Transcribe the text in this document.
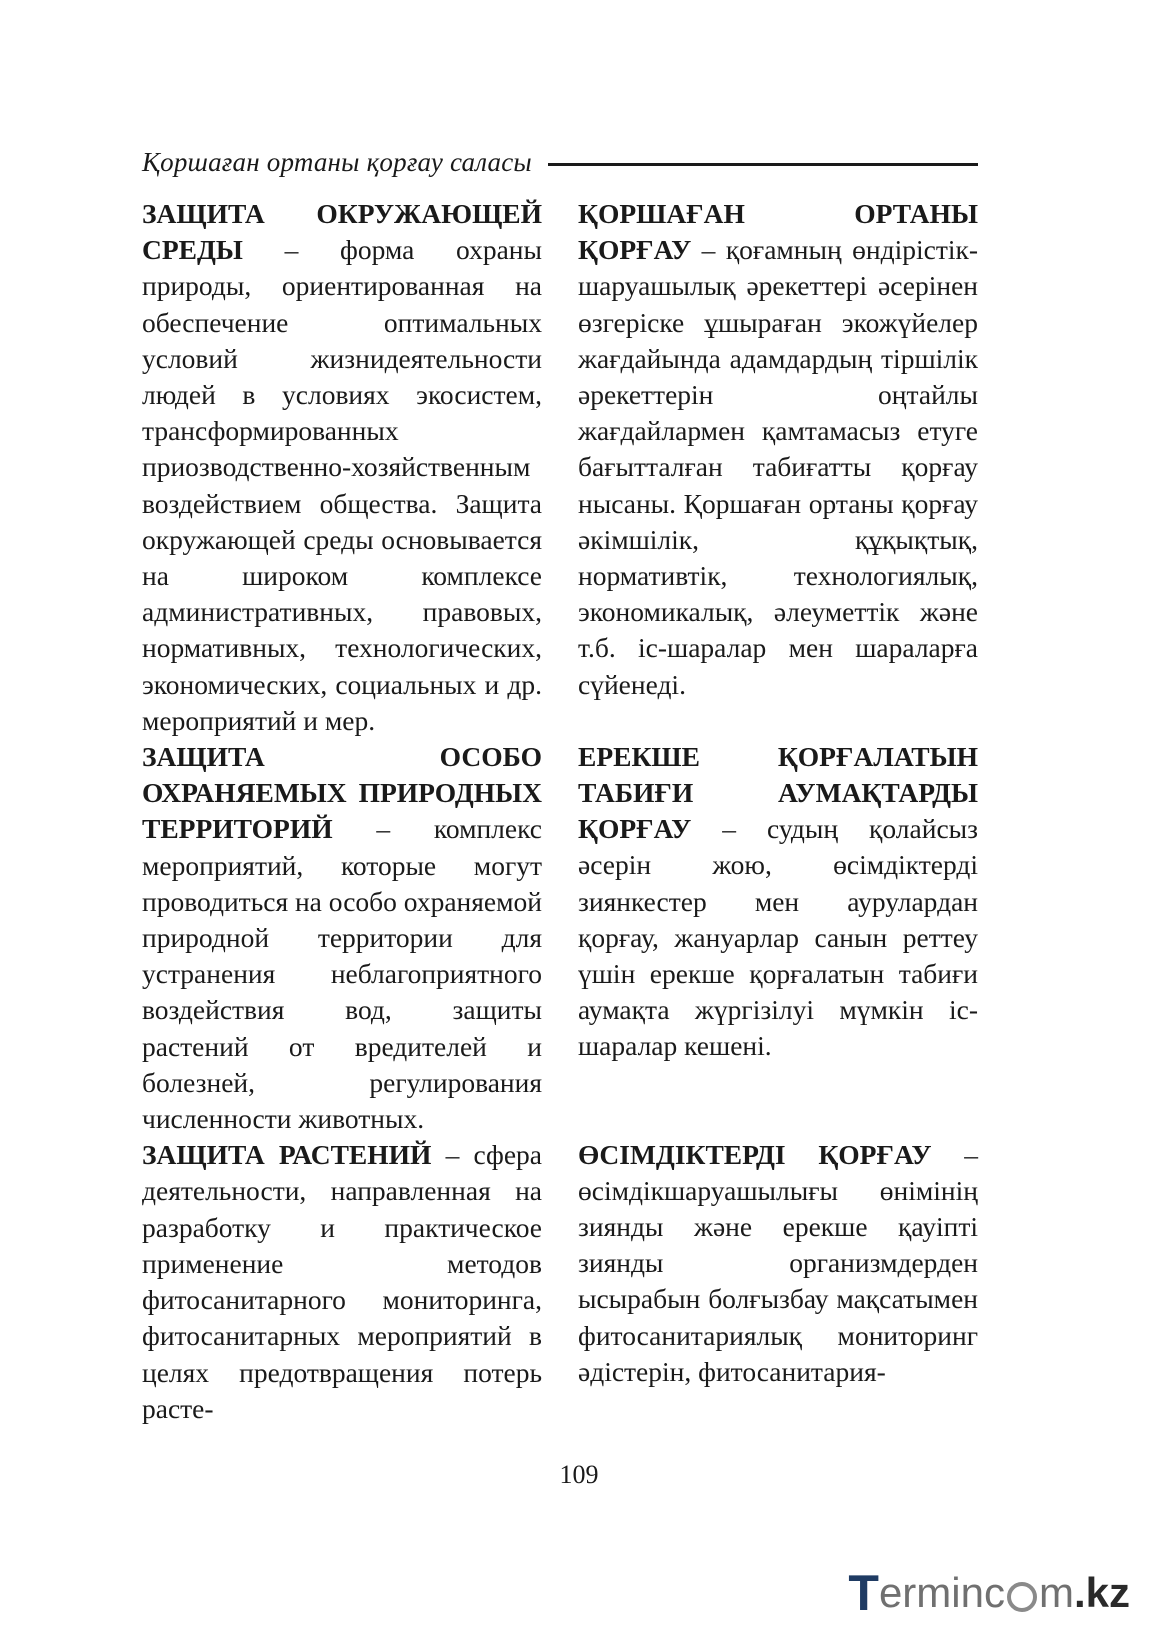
Қоршаған ортаны қорғау саласы

ЗАЩИТА ОКРУЖАЮЩЕЙ СРЕДЫ – форма охраны природы, ориентированная на обеспечение оптимальных условий жизнидеятельности людей в условиях экосистем, трансформированных приозводственно-хозяйственным воздействием общества. Защита окружающей среды основывается на широком комплексе административных, правовых, нормативных, технологических, экономических, социальных и др. мероприятий и мер.

ЗАЩИТА ОСОБО ОХРАНЯЕМЫХ ПРИРОДНЫХ ТЕРРИТОРИЙ – комплекс мероприятий, которые могут проводиться на особо охраняемой природной территории для устранения неблагоприятного воздействия вод, защиты растений от вредителей и болезней, регулирования численности животных.

ЗАЩИТА РАСТЕНИЙ – сфера деятельности, направленная на разработку и практическое применение методов фитосанитарного мониторинга, фитосанитарных мероприятий в целях предотвращения потерь расте-

ҚОРШАҒАН ОРТАНЫ ҚОРҒАУ – қоғамның өндірістік-шаруашылық әрекеттері әсерінен өзгеріске ұшыраған экожүйелер жағдайында адамдардың тіршілік әрекеттерін оңтайлы жағдайлармен қамтамасыз етуге бағытталған табиғатты қорғау нысаны. Қоршаған ортаны қорғау әкімшілік, құқықтық, нормативтік, технологиялық, экономикалық, әлеуметтік және т.б. іс-шаралар мен шараларға сүйенеді.

ЕРЕКШЕ ҚОРҒАЛАТЫН ТАБИҒИ АУМАҚТАРДЫ ҚОРҒАУ – судың қолайсыз әсерін жою, өсімдіктерді зиянкестер мен аурулардан қорғау, жануарлар санын реттеу үшін ерекше қорғалатын табиғи аумақта жүргізілуі мүмкін іс-шаралар кешені.

ӨСІМДІКТЕРДІ ҚОРҒАУ – өсімдікшаруашылығы өнімінің зиянды және ерекше қауіпті зиянды организмдерден ысырабын болғызбау мақсатымен фитосанитариялық мониторинг әдістерін, фитосанитария-

109
T erminc m .kz
